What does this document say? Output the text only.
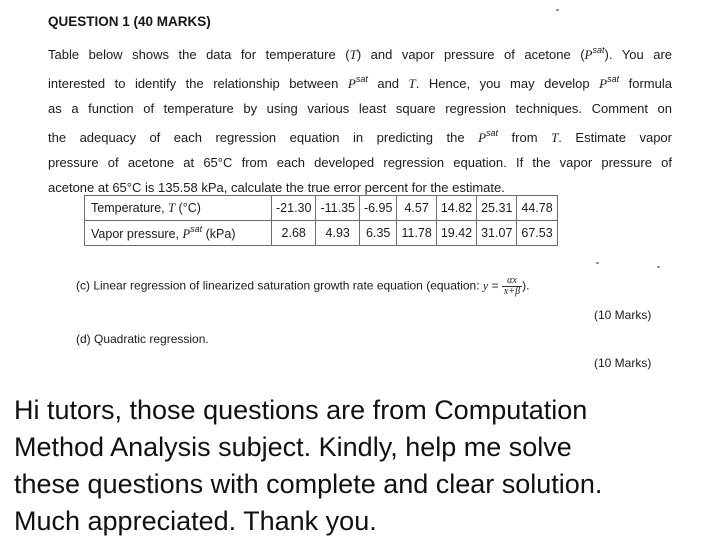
QUESTION 1 (40 MARKS)
Table below shows the data for temperature (T) and vapor pressure of acetone $(P^{sat})$. You are
interested to identify the relationship between $P^{sat}$ and T. Hence, you may develop $P^{sat}$ formula
as a function of temperature by using various least square regression techniques. Comment on
the adequacy of each regression equation in predicting the $P^{sat}$ from T. Estimate vapor
pressure of acetone at 65°C from each developed regression equation. If the vapor pressure of
acetone at 65°C is 135.58 kPa, calculate the true error percent for the estimate.
Temperature, T (°C)	-21.30	-11.35	-6.95	4.57	14.82	25.31	44.78
Vapor pressure, $P^{sat}$ (kPa)	2.68	4.93	6.35	11.78	19.42	31.07	67.53
(c) Linear regression of linearized saturation growth rate equation (equation: $y = \frac{\alpha x}{x+\beta}$ ).
(10 Marks)
(d) Quadratic regression.
(10 Marks)
Hi tutors, those questions are from Computation
Method Analysis subject. Kindly, help me solve
these questions with complete and clear solution.
Much appreciated. Thank you.
